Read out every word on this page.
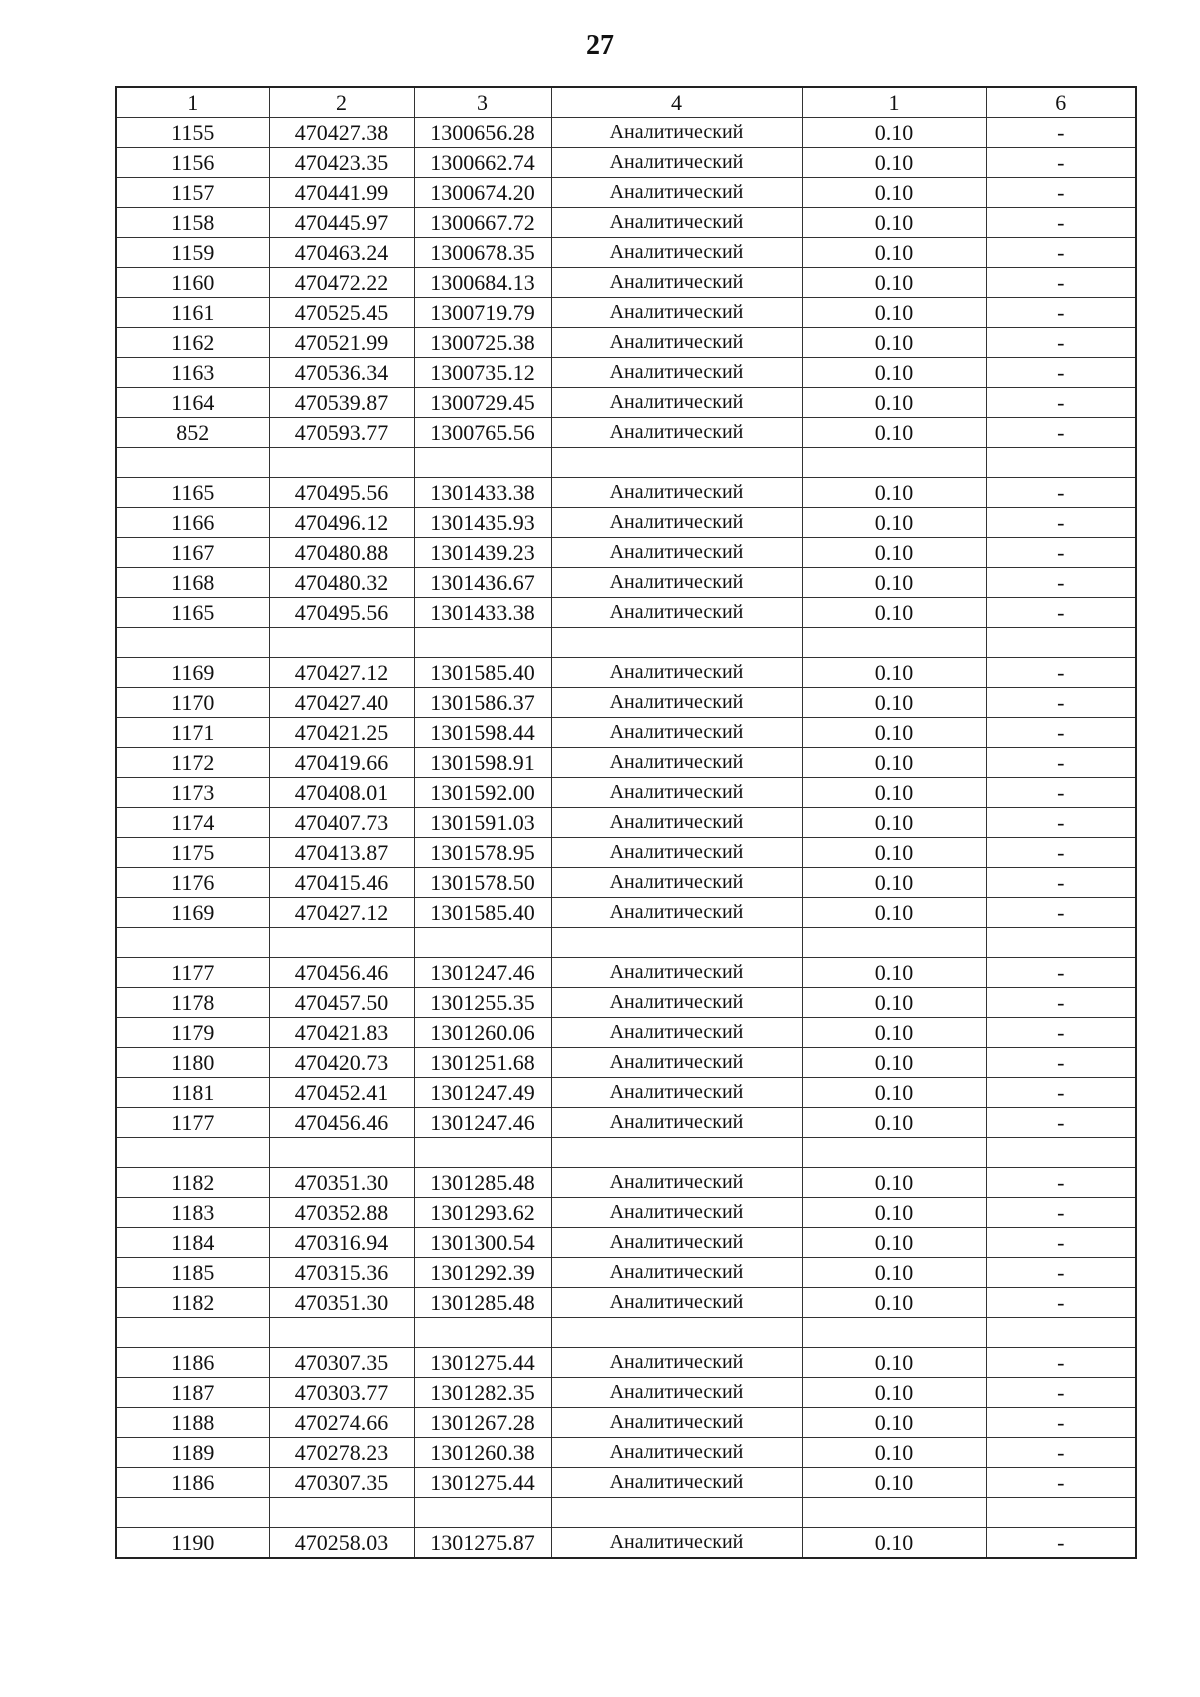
27
1	2	3	4	1	6
1155	470427.38	1300656.28	Аналитический	0.10	-
1156	470423.35	1300662.74	Аналитический	0.10	-
1157	470441.99	1300674.20	Аналитический	0.10	-
1158	470445.97	1300667.72	Аналитический	0.10	-
1159	470463.24	1300678.35	Аналитический	0.10	-
1160	470472.22	1300684.13	Аналитический	0.10	-
1161	470525.45	1300719.79	Аналитический	0.10	-
1162	470521.99	1300725.38	Аналитический	0.10	-
1163	470536.34	1300735.12	Аналитический	0.10	-
1164	470539.87	1300729.45	Аналитический	0.10	-
852	470593.77	1300765.56	Аналитический	0.10	-

1165	470495.56	1301433.38	Аналитический	0.10	-
1166	470496.12	1301435.93	Аналитический	0.10	-
1167	470480.88	1301439.23	Аналитический	0.10	-
1168	470480.32	1301436.67	Аналитический	0.10	-
1165	470495.56	1301433.38	Аналитический	0.10	-

1169	470427.12	1301585.40	Аналитический	0.10	-
1170	470427.40	1301586.37	Аналитический	0.10	-
1171	470421.25	1301598.44	Аналитический	0.10	-
1172	470419.66	1301598.91	Аналитический	0.10	-
1173	470408.01	1301592.00	Аналитический	0.10	-
1174	470407.73	1301591.03	Аналитический	0.10	-
1175	470413.87	1301578.95	Аналитический	0.10	-
1176	470415.46	1301578.50	Аналитический	0.10	-
1169	470427.12	1301585.40	Аналитический	0.10	-

1177	470456.46	1301247.46	Аналитический	0.10	-
1178	470457.50	1301255.35	Аналитический	0.10	-
1179	470421.83	1301260.06	Аналитический	0.10	-
1180	470420.73	1301251.68	Аналитический	0.10	-
1181	470452.41	1301247.49	Аналитический	0.10	-
1177	470456.46	1301247.46	Аналитический	0.10	-

1182	470351.30	1301285.48	Аналитический	0.10	-
1183	470352.88	1301293.62	Аналитический	0.10	-
1184	470316.94	1301300.54	Аналитический	0.10	-
1185	470315.36	1301292.39	Аналитический	0.10	-
1182	470351.30	1301285.48	Аналитический	0.10	-

1186	470307.35	1301275.44	Аналитический	0.10	-
1187	470303.77	1301282.35	Аналитический	0.10	-
1188	470274.66	1301267.28	Аналитический	0.10	-
1189	470278.23	1301260.38	Аналитический	0.10	-
1186	470307.35	1301275.44	Аналитический	0.10	-

1190	470258.03	1301275.87	Аналитический	0.10	-
